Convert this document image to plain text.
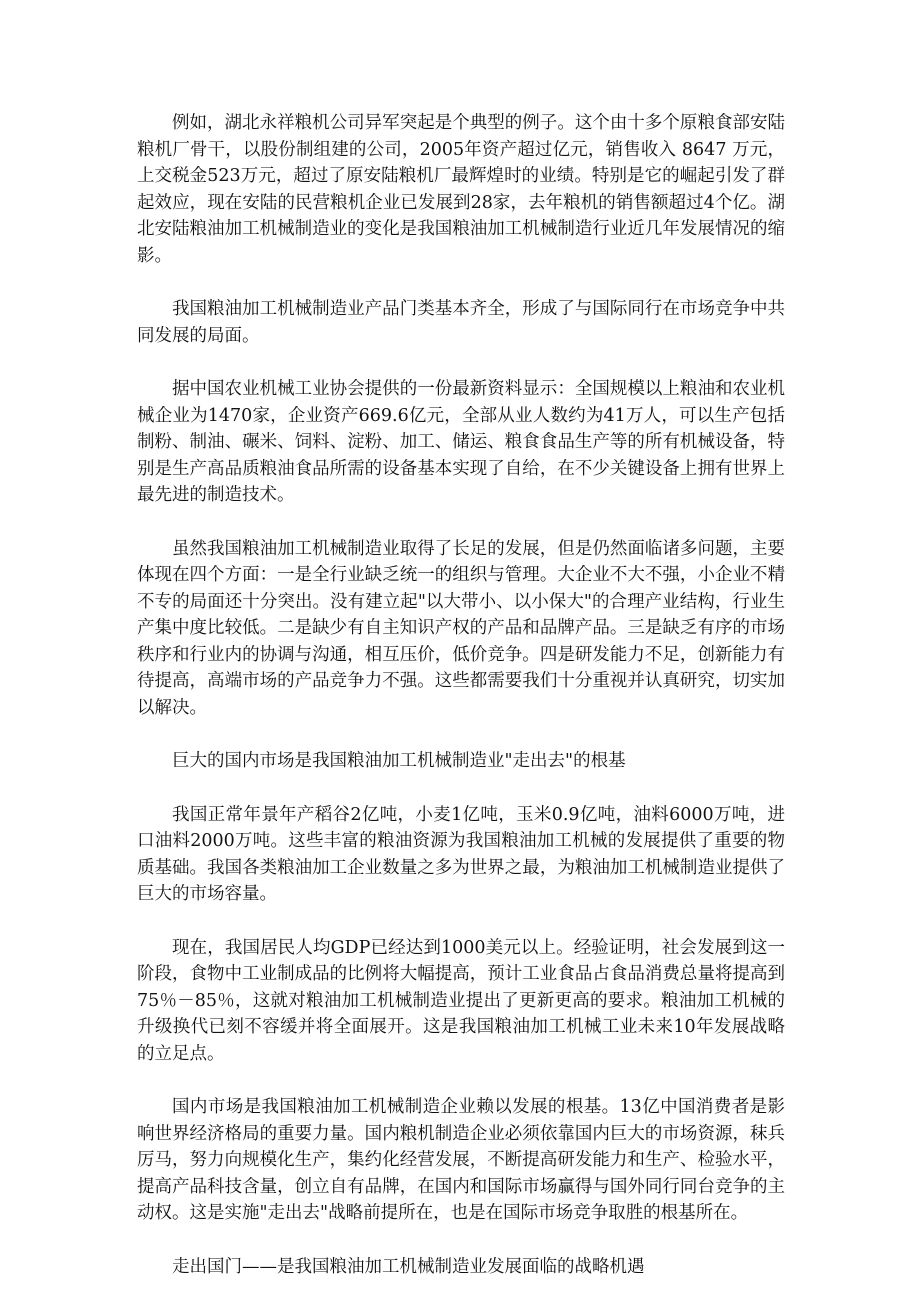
例如，湖北永祥粮机公司异军突起是个典型的例子。这个由十多个原粮食部安陆粮机厂骨干，以股份制组建的公司，2005年资产超过亿元，销售收入 8647 万元，上交税金523万元，超过了原安陆粮机厂最辉煌时的业绩。特别是它的崛起引发了群起效应，现在安陆的民营粮机企业已发展到28家，去年粮机的销售额超过4个亿。湖北安陆粮油加工机械制造业的变化是我国粮油加工机械制造行业近几年发展情况的缩影。

我国粮油加工机械制造业产品门类基本齐全，形成了与国际同行在市场竞争中共同发展的局面。

据中国农业机械工业协会提供的一份最新资料显示：全国规模以上粮油和农业机械企业为1470家，企业资产669.6亿元，全部从业人数约为41万人，可以生产包括制粉、制油、碾米、饲料、淀粉、加工、储运、粮食食品生产等的所有机械设备，特别是生产高品质粮油食品所需的设备基本实现了自给，在不少关键设备上拥有世界上最先进的制造技术。

虽然我国粮油加工机械制造业取得了长足的发展，但是仍然面临诸多问题，主要体现在四个方面：一是全行业缺乏统一的组织与管理。大企业不大不强，小企业不精不专的局面还十分突出。没有建立起"以大带小、以小保大"的合理产业结构，行业生产集中度比较低。二是缺少有自主知识产权的产品和品牌产品。三是缺乏有序的市场秩序和行业内的协调与沟通，相互压价，低价竞争。四是研发能力不足，创新能力有待提高，高端市场的产品竞争力不强。这些都需要我们十分重视并认真研究，切实加以解决。

巨大的国内市场是我国粮油加工机械制造业"走出去"的根基

我国正常年景年产稻谷2亿吨，小麦1亿吨，玉米0.9亿吨，油料6000万吨，进口油料2000万吨。这些丰富的粮油资源为我国粮油加工机械的发展提供了重要的物质基础。我国各类粮油加工企业数量之多为世界之最，为粮油加工机械制造业提供了巨大的市场容量。

现在，我国居民人均GDP已经达到1000美元以上。经验证明，社会发展到这一阶段，食物中工业制成品的比例将大幅提高，预计工业食品占食品消费总量将提高到75％－85％，这就对粮油加工机械制造业提出了更新更高的要求。粮油加工机械的升级换代已刻不容缓并将全面展开。这是我国粮油加工机械工业未来10年发展战略的立足点。

国内市场是我国粮油加工机械制造企业赖以发展的根基。13亿中国消费者是影响世界经济格局的重要力量。国内粮机制造企业必须依靠国内巨大的市场资源，秣兵厉马，努力向规模化生产，集约化经营发展，不断提高研发能力和生产、检验水平，提高产品科技含量，创立自有品牌，在国内和国际市场赢得与国外同行同台竞争的主动权。这是实施"走出去"战略前提所在，也是在国际市场竞争取胜的根基所在。

走出国门——是我国粮油加工机械制造业发展面临的战略机遇
